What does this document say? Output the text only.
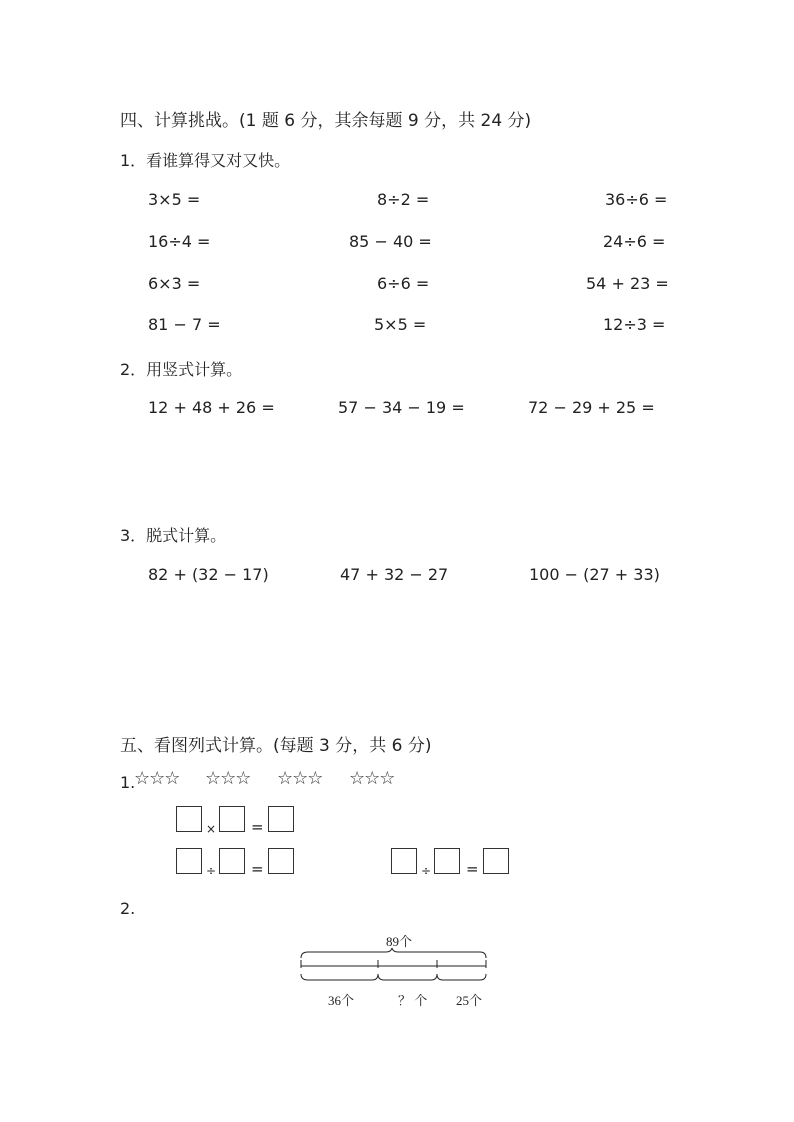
四、计算挑战。(1 题 6 分，其余每题 9 分，共 24 分)
1．看谁算得又对又快。
3×5 =	8÷2 =	36÷6 =
16÷4 =	85 − 40 =	24÷6 =
6×3 =	6÷6 =	54 + 23 =
81 − 7 =	5×5 =	12÷3 =
2．用竖式计算。
12 + 48 + 26 =	57 − 34 − 19 =	72 − 29 + 25 =
3．脱式计算。
82 + (32 − 17)	47 + 32 − 27	100 − (27 + 33)
五、看图列式计算。(每题 3 分，共 6 分)
1.
☆☆☆ ☆☆☆ ☆☆☆ ☆☆☆
× =
÷ =	÷ =
2.
89个
36个	？ 个 25个
